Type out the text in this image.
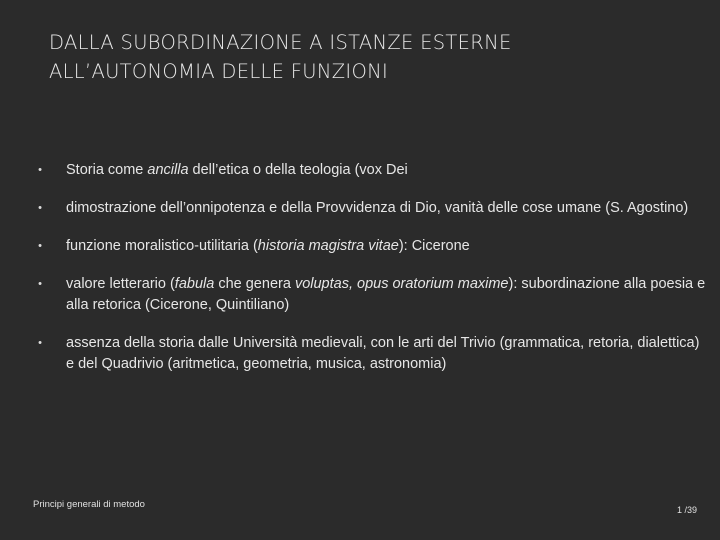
DALLA SUBORDINAZIONE A ISTANZE ESTERNE
ALL’AUTONOMIA DELLE FUNZIONI
•	Storia come ancilla dell’etica o della teologia (vox Dei
•	dimostrazione dell’onnipotenza e della Provvidenza di Dio, vanità delle cose umane (S. Agostino)
•	funzione moralistico-utilitaria (historia magistra vitae): Cicerone
•	valore letterario (fabula che genera voluptas, opus oratorium maxime): subordinazione alla poesia e alla retorica (Cicerone, Quintiliano)
•	assenza della storia dalle Università medievali, con le arti del Trivio (grammatica, retoria, dialettica) e del Quadrivio (aritmetica, geometria, musica, astronomia)
Principi generali di metodo	1 /39
